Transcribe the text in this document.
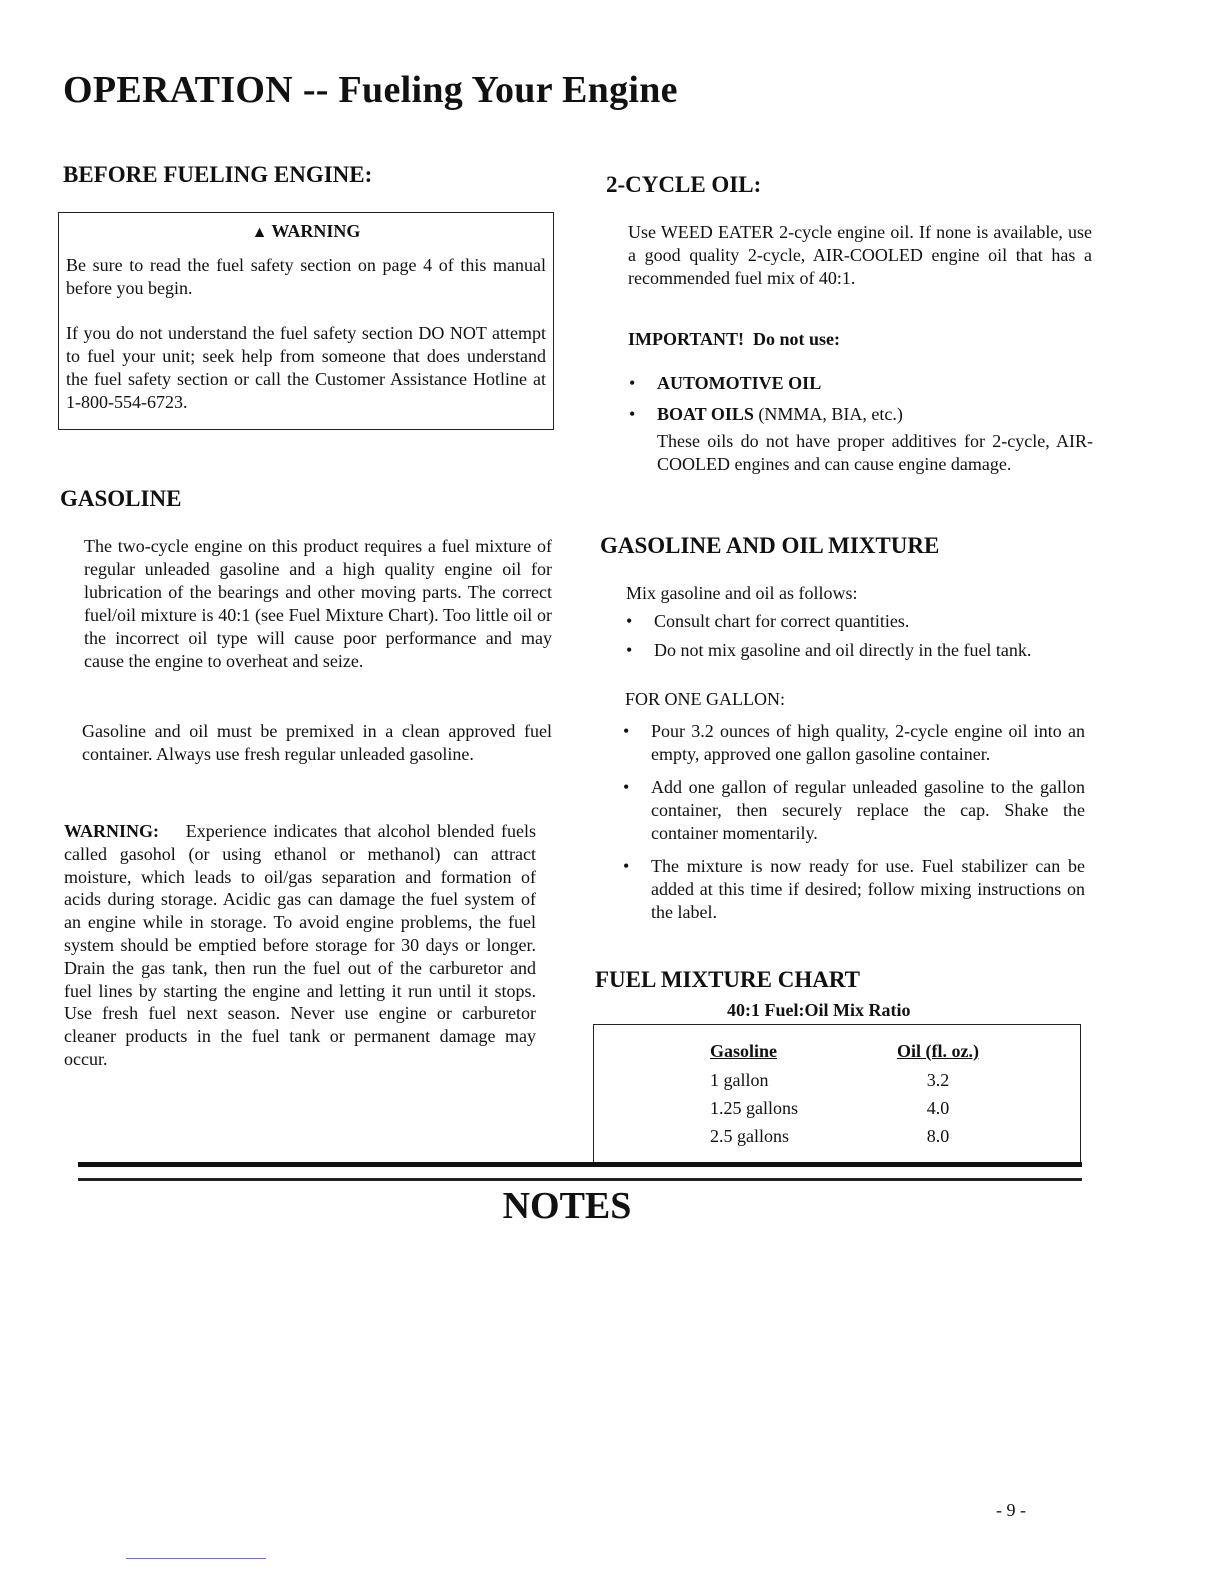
OPERATION -- Fueling Your Engine
BEFORE FUELING ENGINE:
▲ WARNING

Be sure to read the fuel safety section on page 4 of this manual before you begin.

If you do not understand the fuel safety section DO NOT attempt to fuel your unit; seek help from someone that does understand the fuel safety section or call the Customer Assistance Hotline at 1-800-554-6723.

GASOLINE

The two-cycle engine on this product requires a fuel mixture of regular unleaded gasoline and a high quality engine oil for lubrication of the bearings and other moving parts. The correct fuel/oil mixture is 40:1 (see Fuel Mixture Chart). Too little oil or the incorrect oil type will cause poor performance and may cause the engine to overheat and seize.

Gasoline and oil must be premixed in a clean approved fuel container. Always use fresh regular unleaded gasoline.

WARNING: Experience indicates that alcohol blended fuels called gasohol (or using ethanol or methanol) can attract moisture, which leads to oil/gas separation and formation of acids during storage. Acidic gas can damage the fuel system of an engine while in storage. To avoid engine problems, the fuel system should be emptied before storage for 30 days or longer. Drain the gas tank, then run the fuel out of the carburetor and fuel lines by starting the engine and letting it run until it stops. Use fresh fuel next season. Never use engine or carburetor cleaner products in the fuel tank or permanent damage may occur.

2-CYCLE OIL:

Use WEED EATER 2-cycle engine oil. If none is available, use a good quality 2-cycle, AIR-COOLED engine oil that has a recommended fuel mix of 40:1.

IMPORTANT! Do not use:

• AUTOMOTIVE OIL
• BOAT OILS (NMMA, BIA, etc.)

These oils do not have proper additives for 2-cycle, AIR-COOLED engines and can cause engine damage.

GASOLINE AND OIL MIXTURE

Mix gasoline and oil as follows:

• Consult chart for correct quantities.
• Do not mix gasoline and oil directly in the fuel tank.

FOR ONE GALLON:

• Pour 3.2 ounces of high quality, 2-cycle engine oil into an empty, approved one gallon gasoline container.
• Add one gallon of regular unleaded gasoline to the gallon container, then securely replace the cap. Shake the container momentarily.
• The mixture is now ready for use. Fuel stabilizer can be added at this time if desired; follow mixing instructions on the label.
FUEL MIXTURE CHART

40:1 Fuel:Oil Mix Ratio

Gasoline	Oil (fl. oz.)
1 gallon	3.2
1.25 gallons	4.0
2.5 gallons	8.0
NOTES
- 9 -
